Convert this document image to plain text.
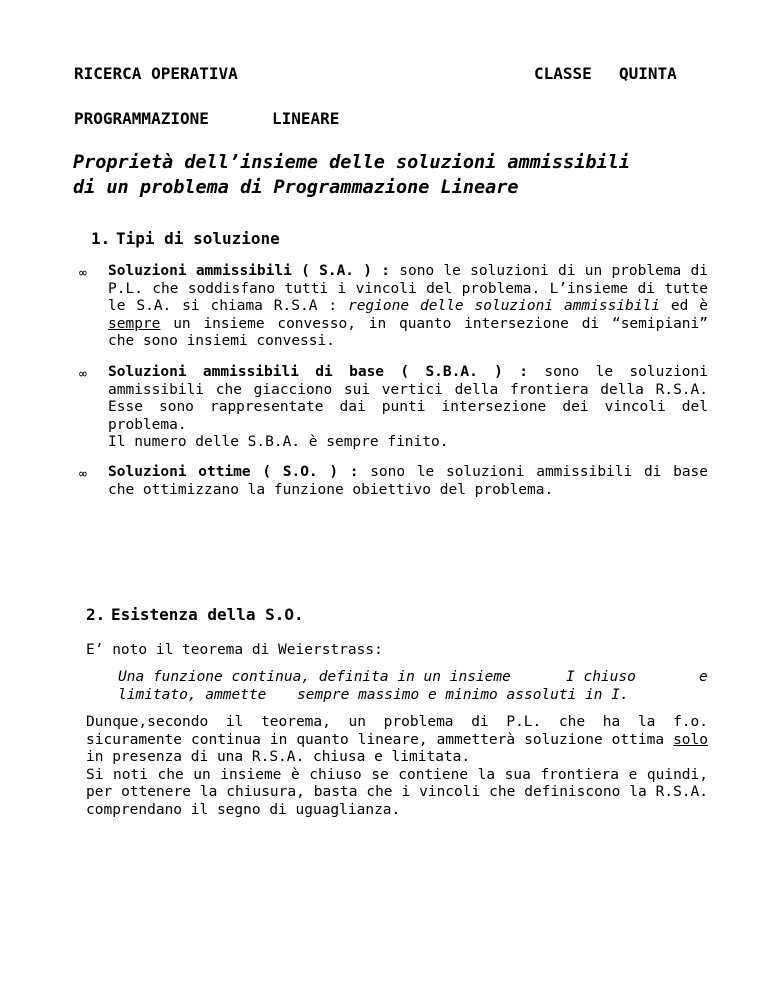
RICERCA OPERATIVA	CLASSE QUINTA
PROGRAMMAZIONE	LINEARE
Proprietà dell’insieme delle soluzioni ammissibili
di un problema di Programmazione Lineare
1. Tipi di soluzione
∞ Soluzioni ammissibili ( S.A. ) : sono le soluzioni di un problema di P.L. che soddisfano tutti i vincoli del problema. L’insieme di tutte le S.A. si chiama R.S.A : regione delle soluzioni ammissibili ed è sempre un insieme convesso, in quanto intersezione di “semipiani” che sono insiemi convessi.
∞ Soluzioni ammissibili di base ( S.B.A. ) : sono le soluzioni ammissibili che giacciono sui vertici della frontiera della R.S.A. Esse sono rappresentate dai punti intersezione dei vincoli del problema.
Il numero delle S.B.A. è sempre finito.
∞ Soluzioni ottime ( S.O. ) : sono le soluzioni ammissibili di base che ottimizzano la funzione obiettivo del problema.
2. Esistenza della S.O.
E’ noto il teorema di Weierstrass:
Una funzione continua, definita in un insieme	I chiuso	e
limitato, ammette sempre massimo e minimo assoluti in I.
Dunque,secondo il teorema, un problema di P.L. che ha la f.o. sicuramente continua in quanto lineare, ammetterà soluzione ottima solo in presenza di una R.S.A. chiusa e limitata.
Si noti che un insieme è chiuso se contiene la sua frontiera e quindi, per ottenere la chiusura, basta che i vincoli che definiscono la R.S.A. comprendano il segno di uguaglianza.
